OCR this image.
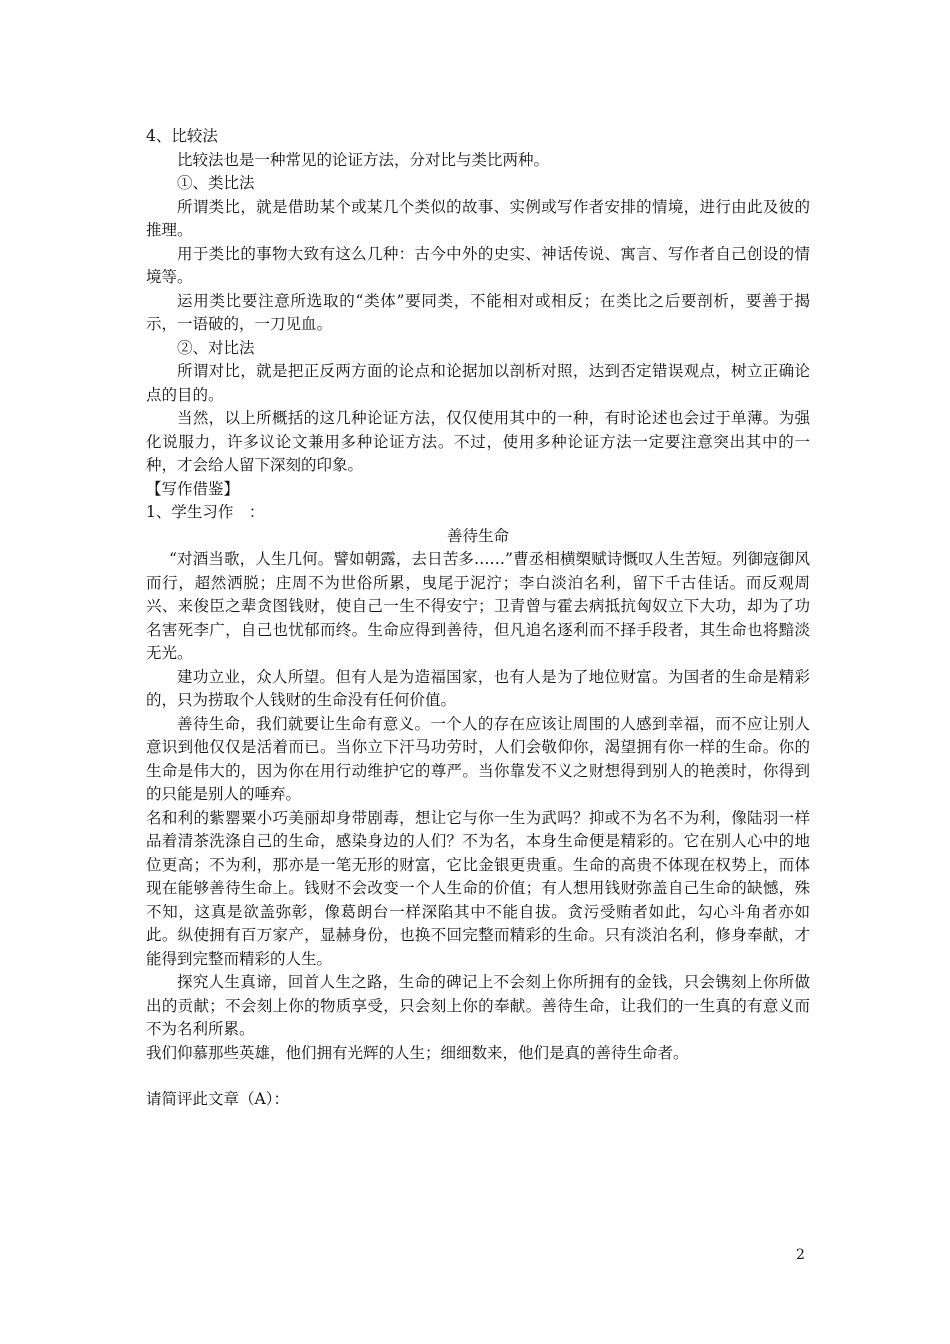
4、比较法

比较法也是一种常见的论证方法，分对比与类比两种。

①、类比法

所谓类比，就是借助某个或某几个类似的故事、实例或写作者安排的情境，进行由此及彼的推理。

用于类比的事物大致有这么几种：古今中外的史实、神话传说、寓言、写作者自己创设的情境等。

运用类比要注意所选取的“类体”要同类，不能相对或相反；在类比之后要剖析，要善于揭示，一语破的，一刀见血。

②、对比法

所谓对比，就是把正反两方面的论点和论据加以剖析对照，达到否定错误观点，树立正确论点的目的。

当然，以上所概括的这几种论证方法，仅仅使用其中的一种，有时论述也会过于单薄。为强化说服力，许多议论文兼用多种论证方法。不过，使用多种论证方法一定要注意突出其中的一种，才会给人留下深刻的印象。

【写作借鉴】

1、学生习作　：

善待生命

“对酒当歌，人生几何。譬如朝露，去日苦多……”曹丞相横槊赋诗慨叹人生苦短。列御寇御风而行，超然洒脱；庄周不为世俗所累，曳尾于泥泞；李白淡泊名利，留下千古佳话。而反观周兴、来俊臣之辈贪图钱财，使自己一生不得安宁；卫青曾与霍去病抵抗匈奴立下大功，却为了功名害死李广，自己也忧郁而终。生命应得到善待，但凡追名逐利而不择手段者，其生命也将黯淡无光。

建功立业，众人所望。但有人是为造福国家，也有人是为了地位财富。为国者的生命是精彩的，只为捞取个人钱财的生命没有任何价值。

善待生命，我们就要让生命有意义。一个人的存在应该让周围的人感到幸福，而不应让别人意识到他仅仅是活着而已。当你立下汗马功劳时，人们会敬仰你，渴望拥有你一样的生命。你的生命是伟大的，因为你在用行动维护它的尊严。当你靠发不义之财想得到别人的艳羡时，你得到的只能是别人的唾弃。

名和利的紫罂粟小巧美丽却身带剧毒，想让它与你一生为武吗？抑或不为名不为利，像陆羽一样品着清茶洗涤自己的生命，感染身边的人们？不为名，本身生命便是精彩的。它在别人心中的地位更高；不为利，那亦是一笔无形的财富，它比金银更贵重。生命的高贵不体现在权势上，而体现在能够善待生命上。钱财不会改变一个人生命的价值；有人想用钱财弥盖自己生命的缺憾，殊不知，这真是欲盖弥彰，像葛朗台一样深陷其中不能自拔。贪污受贿者如此，勾心斗角者亦如此。纵使拥有百万家产，显赫身份，也换不回完整而精彩的生命。只有淡泊名利，修身奉献，才能得到完整而精彩的人生。

探究人生真谛，回首人生之路，生命的碑记上不会刻上你所拥有的金钱，只会镌刻上你所做出的贡献；不会刻上你的物质享受，只会刻上你的奉献。善待生命，让我们的一生真的有意义而不为名利所累。

我们仰慕那些英雄，他们拥有光辉的人生；细细数来，他们是真的善待生命者。

请简评此文章（A）：

2
